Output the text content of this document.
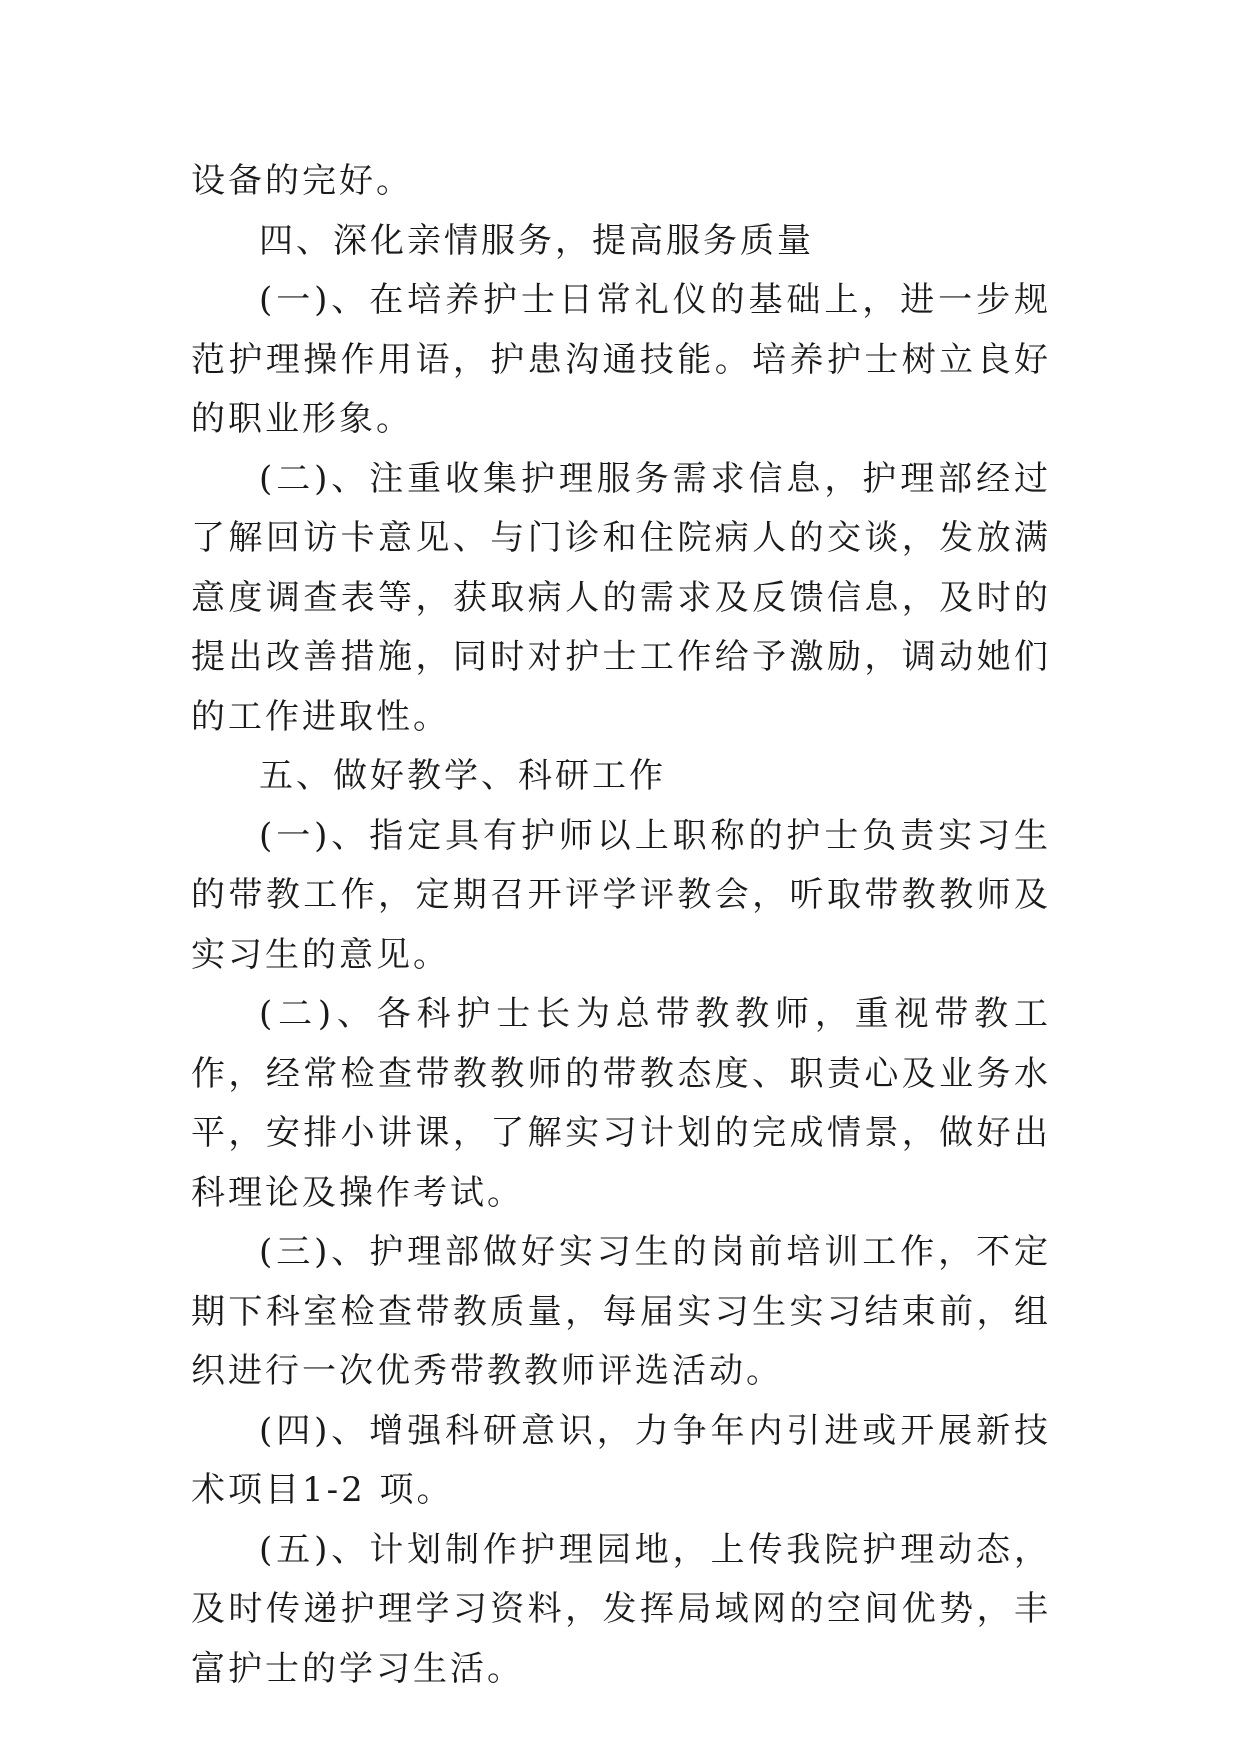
设备的完好。

四、深化亲情服务，提高服务质量

(一)、在培养护士日常礼仪的基础上，进一步规范护理操作用语，护患沟通技能。培养护士树立良好的职业形象。

(二)、注重收集护理服务需求信息，护理部经过了解回访卡意见、与门诊和住院病人的交谈，发放满意度调查表等，获取病人的需求及反馈信息，及时的提出改善措施，同时对护士工作给予激励，调动她们的工作进取性。

五、做好教学、科研工作

(一)、指定具有护师以上职称的护士负责实习生的带教工作，定期召开评学评教会，听取带教教师及实习生的意见。

(二)、各科护士长为总带教教师，重视带教工作，经常检查带教教师的带教态度、职责心及业务水平，安排小讲课，了解实习计划的完成情景，做好出科理论及操作考试。

(三)、护理部做好实习生的岗前培训工作，不定期下科室检查带教质量，每届实习生实习结束前，组织进行一次优秀带教教师评选活动。

(四)、增强科研意识，力争年内引进或开展新技术项目1-2 项。

(五)、计划制作护理园地，上传我院护理动态，及时传递护理学习资料，发挥局域网的空间优势，丰富护士的学习生活。
